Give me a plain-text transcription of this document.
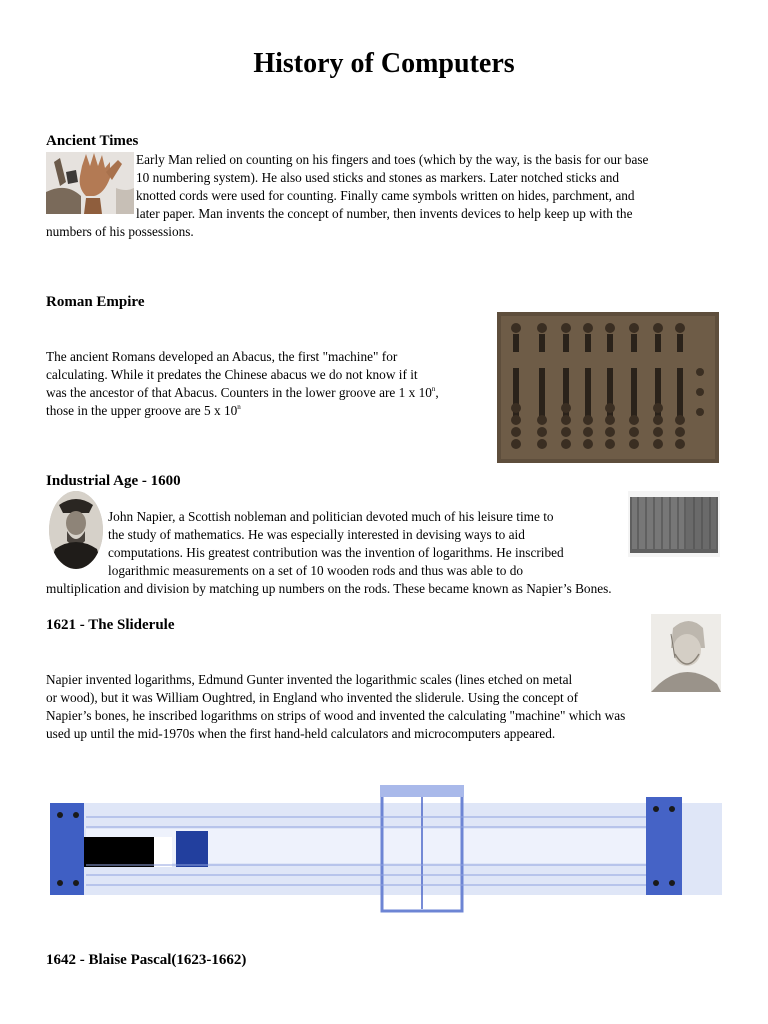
History of Computers
Ancient Times
Early Man relied on counting on his fingers and toes (which by the way, is the basis for our base
10 numbering system). He also used sticks and stones as markers. Later notched sticks and
knotted cords were used for counting. Finally came symbols written on hides, parchment, and
later paper. Man invents the concept of number, then invents devices to help keep up with the
numbers of his possessions.
Roman Empire
The ancient Romans developed an Abacus, the first "machine" for
calculating. While it predates the Chinese abacus we do not know if it
was the ancestor of that Abacus. Counters in the lower groove are 1 x 10$^n$,
those in the upper groove are 5 x 10$^n$
Industrial Age - 1600
John Napier, a Scottish nobleman and politician devoted much of his leisure time to
the study of mathematics. He was especially interested in devising ways to aid
computations. His greatest contribution was the invention of logarithms. He inscribed
logarithmic measurements on a set of 10 wooden rods and thus was able to do
multiplication and division by matching up numbers on the rods. These became known as Napier’s Bones.
1621 - The Sliderule
Napier invented logarithms, Edmund Gunter invented the logarithmic scales (lines etched on metal
or wood), but it was William Oughtred, in England who invented the sliderule. Using the concept of
Napier’s bones, he inscribed logarithms on strips of wood and invented the calculating "machine" which was
used up until the mid-1970s when the first hand-held calculators and microcomputers appeared.
1642 - Blaise Pascal(1623-1662)
